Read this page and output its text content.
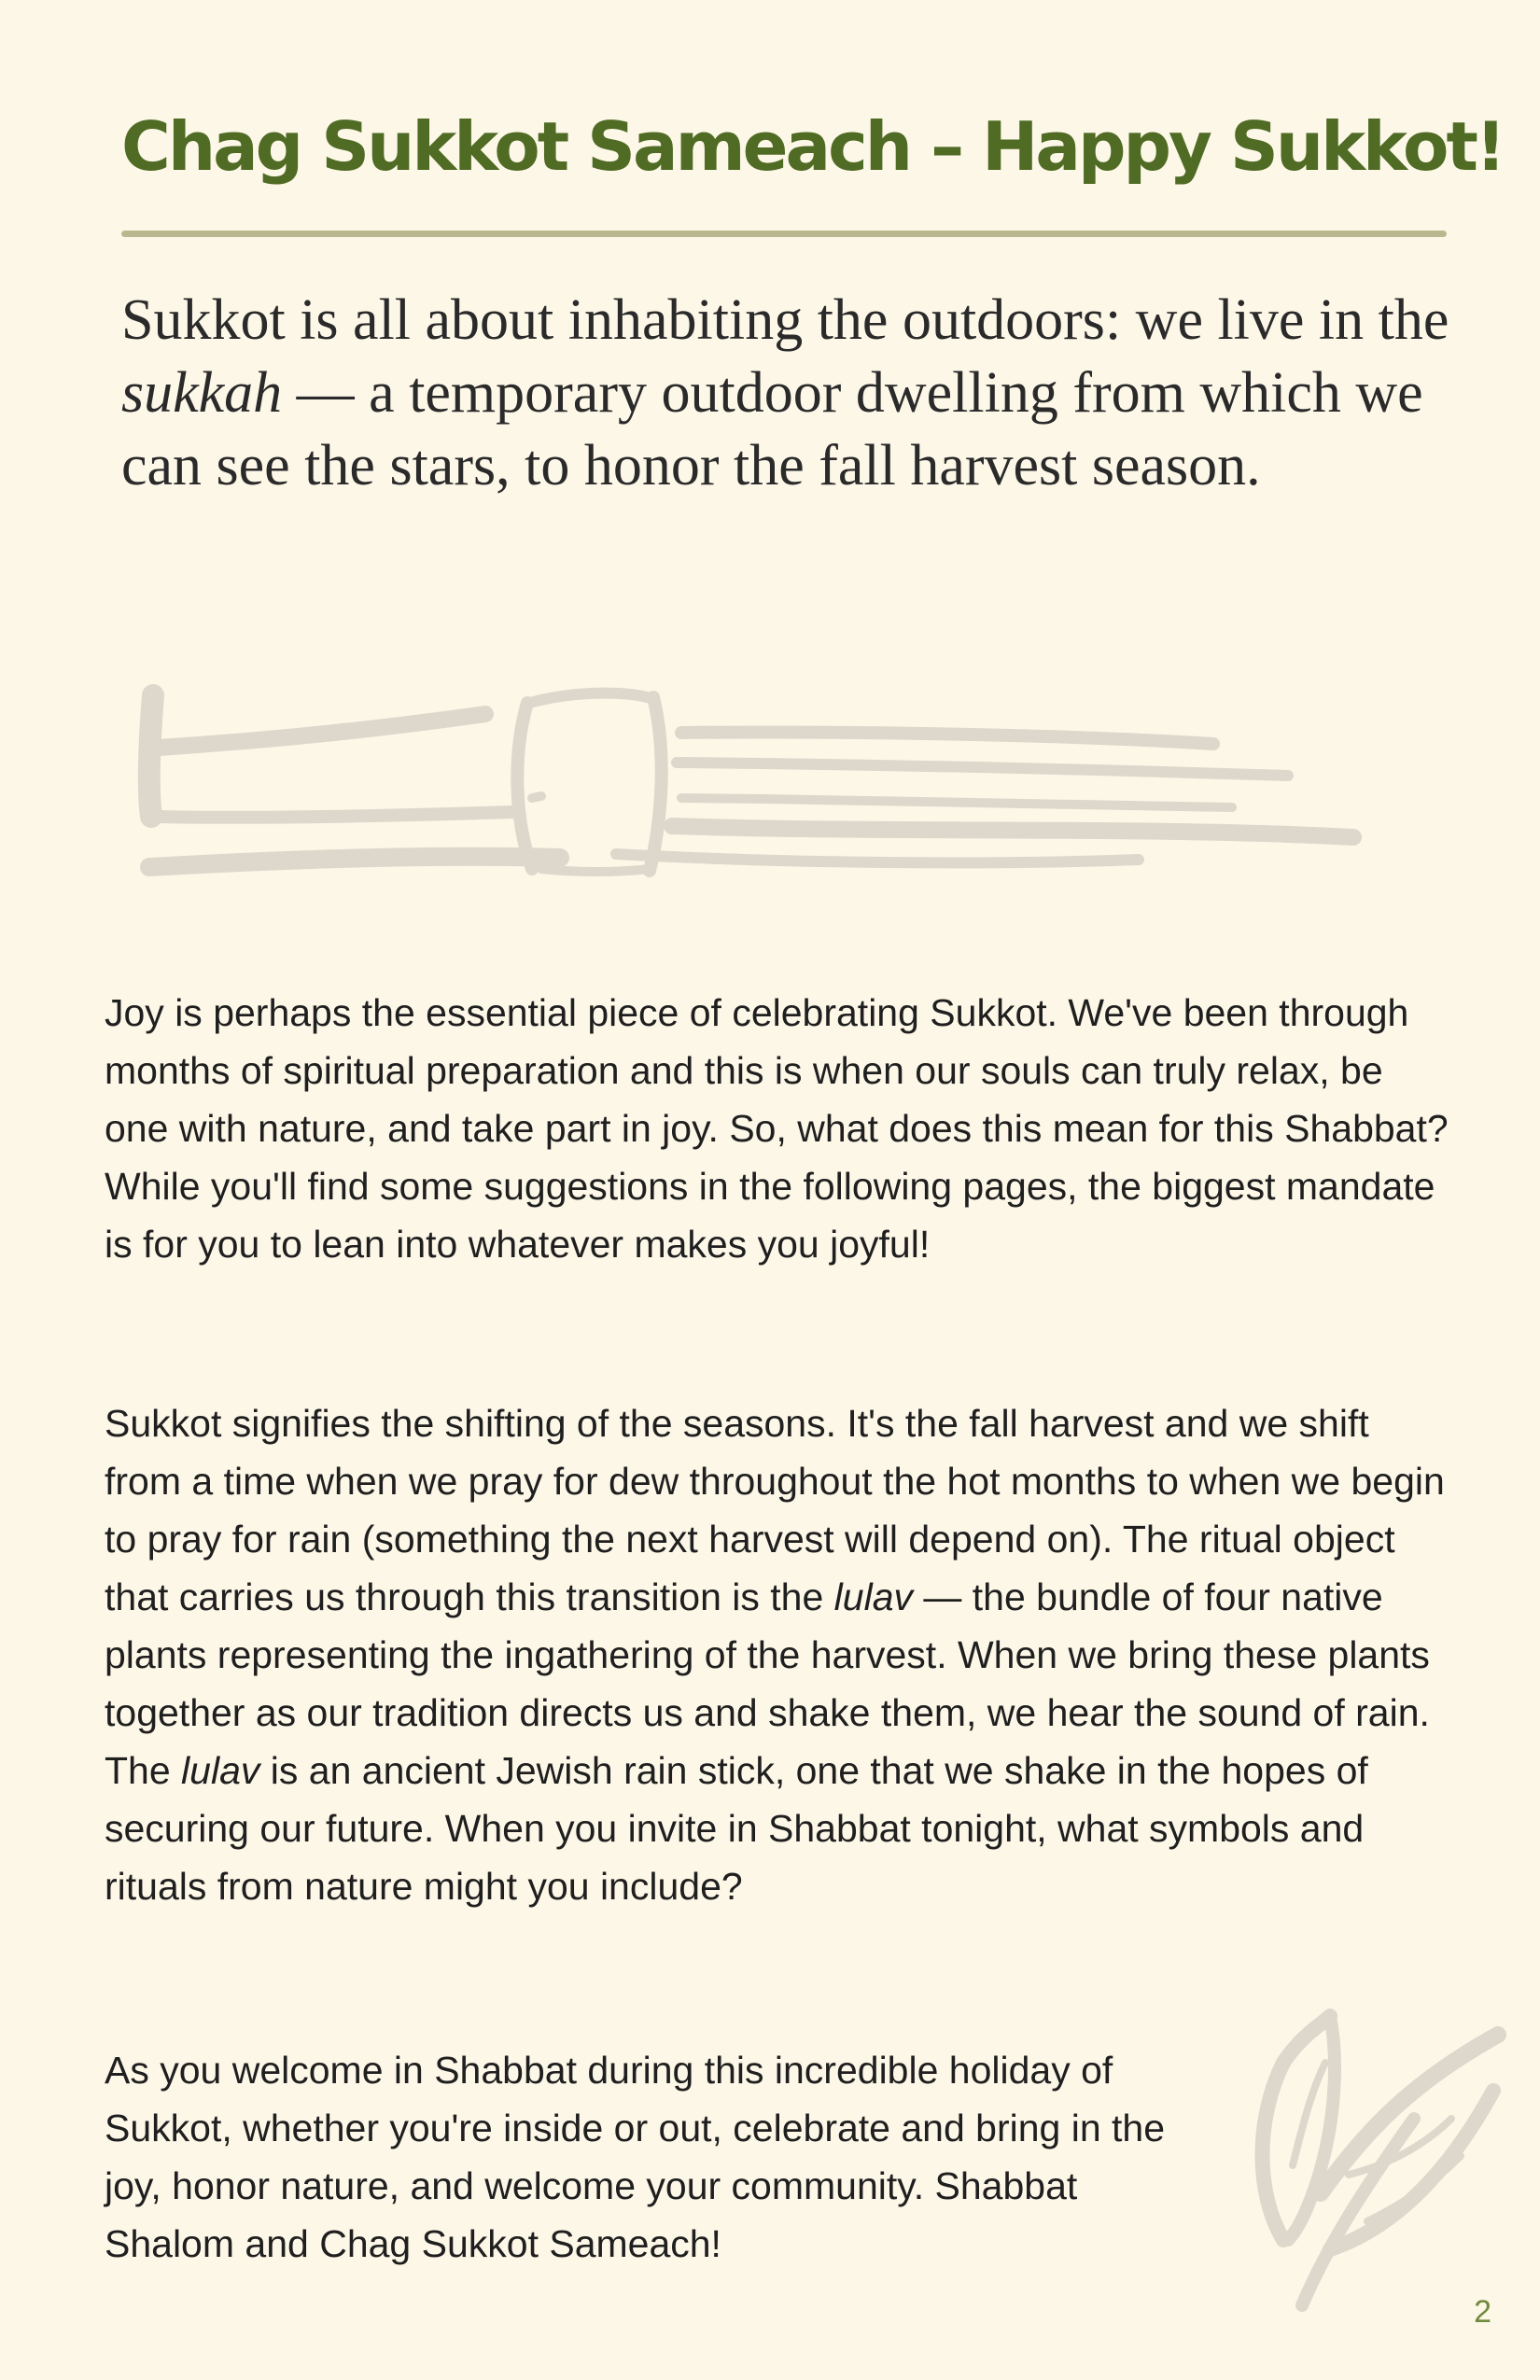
Chag Sukkot Sameach – Happy Sukkot!

Sukkot is all about inhabiting the outdoors: we live in the sukkah — a temporary outdoor dwelling from which we can see the stars, to honor the fall harvest season.

Joy is perhaps the essential piece of celebrating Sukkot. We've been through months of spiritual preparation and this is when our souls can truly relax, be one with nature, and take part in joy. So, what does this mean for this Shabbat? While you'll find some suggestions in the following pages, the biggest mandate is for you to lean into whatever makes you joyful!

Sukkot signifies the shifting of the seasons. It's the fall harvest and we shift from a time when we pray for dew throughout the hot months to when we begin to pray for rain (something the next harvest will depend on). The ritual object that carries us through this transition is the lulav — the bundle of four native plants representing the ingathering of the harvest. When we bring these plants together as our tradition directs us and shake them, we hear the sound of rain. The lulav is an ancient Jewish rain stick, one that we shake in the hopes of securing our future. When you invite in Shabbat tonight, what symbols and rituals from nature might you include?

As you welcome in Shabbat during this incredible holiday of Sukkot, whether you're inside or out, celebrate and bring in the joy, honor nature, and welcome your community. Shabbat Shalom and Chag Sukkot Sameach!

2
